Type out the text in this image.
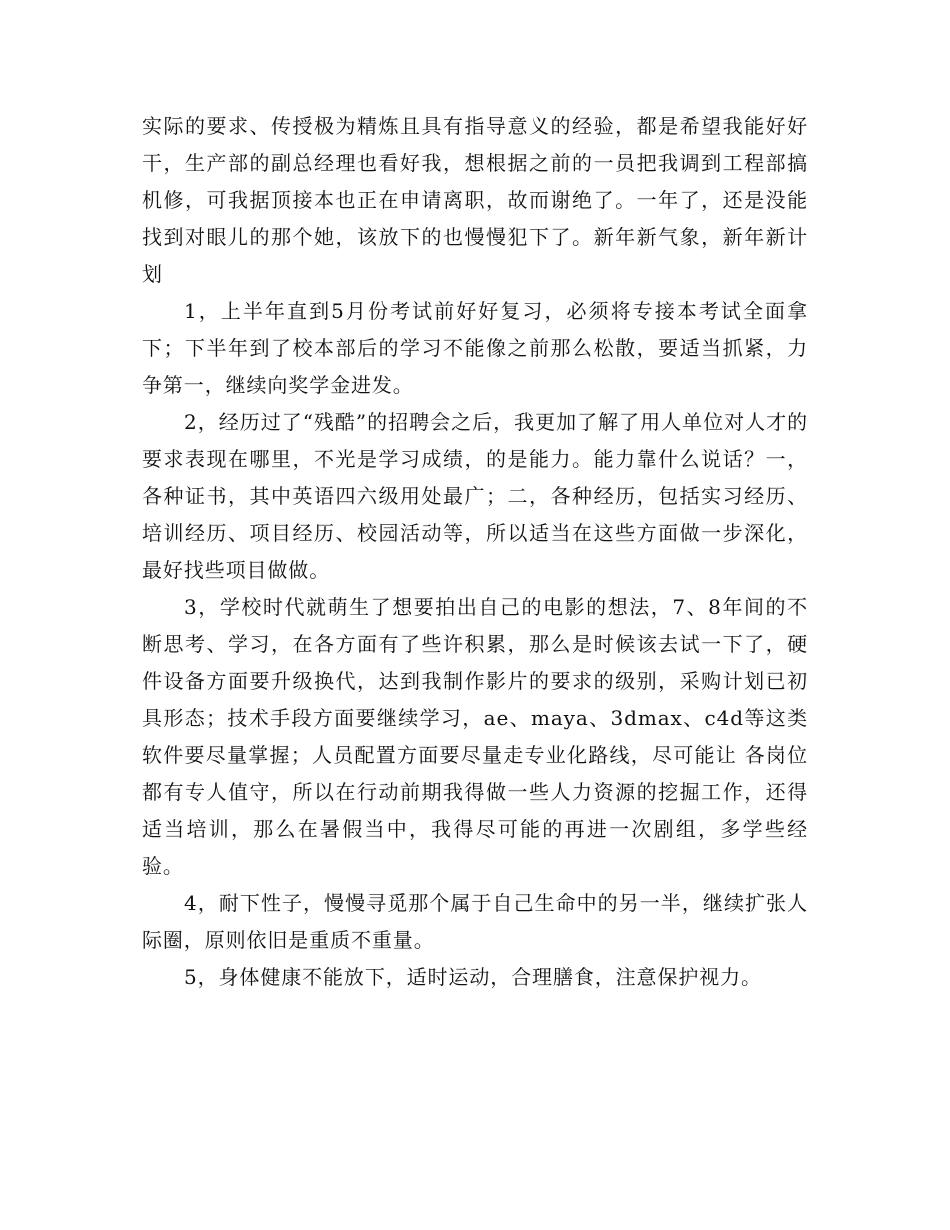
实际的要求、传授极为精炼且具有指导意义的经验，都是希望我能好好干，生产部的副总经理也看好我，想根据之前的一员把我调到工程部搞机修，可我据顶接本也正在申请离职，故而谢绝了。一年了，还是没能找到对眼儿的那个她，该放下的也慢慢犯下了。新年新气象，新年新计划

1，上半年直到5月份考试前好好复习，必须将专接本考试全面拿下；下半年到了校本部后的学习不能像之前那么松散，要适当抓紧，力争第一，继续向奖学金进发。

2，经历过了“残酷”的招聘会之后，我更加了解了用人单位对人才的要求表现在哪里，不光是学习成绩，的是能力。能力靠什么说话？一，各种证书，其中英语四六级用处最广；二，各种经历，包括实习经历、培训经历、项目经历、校园活动等，所以适当在这些方面做一步深化，最好找些项目做做。

3，学校时代就萌生了想要拍出自己的电影的想法，7、8年间的不断思考、学习，在各方面有了些许积累，那么是时候该去试一下了，硬件设备方面要升级换代，达到我制作影片的要求的级别，采购计划已初具形态；技术手段方面要继续学习，ae、maya、3dmax、c4d等这类软件要尽量掌握；人员配置方面要尽量走专业化路线，尽可能让 各岗位都有专人值守，所以在行动前期我得做一些人力资源的挖掘工作，还得适当培训，那么在暑假当中，我得尽可能的再进一次剧组，多学些经验。

4，耐下性子，慢慢寻觅那个属于自己生命中的另一半，继续扩张人际圈，原则依旧是重质不重量。

5，身体健康不能放下，适时运动，合理膳食，注意保护视力。
